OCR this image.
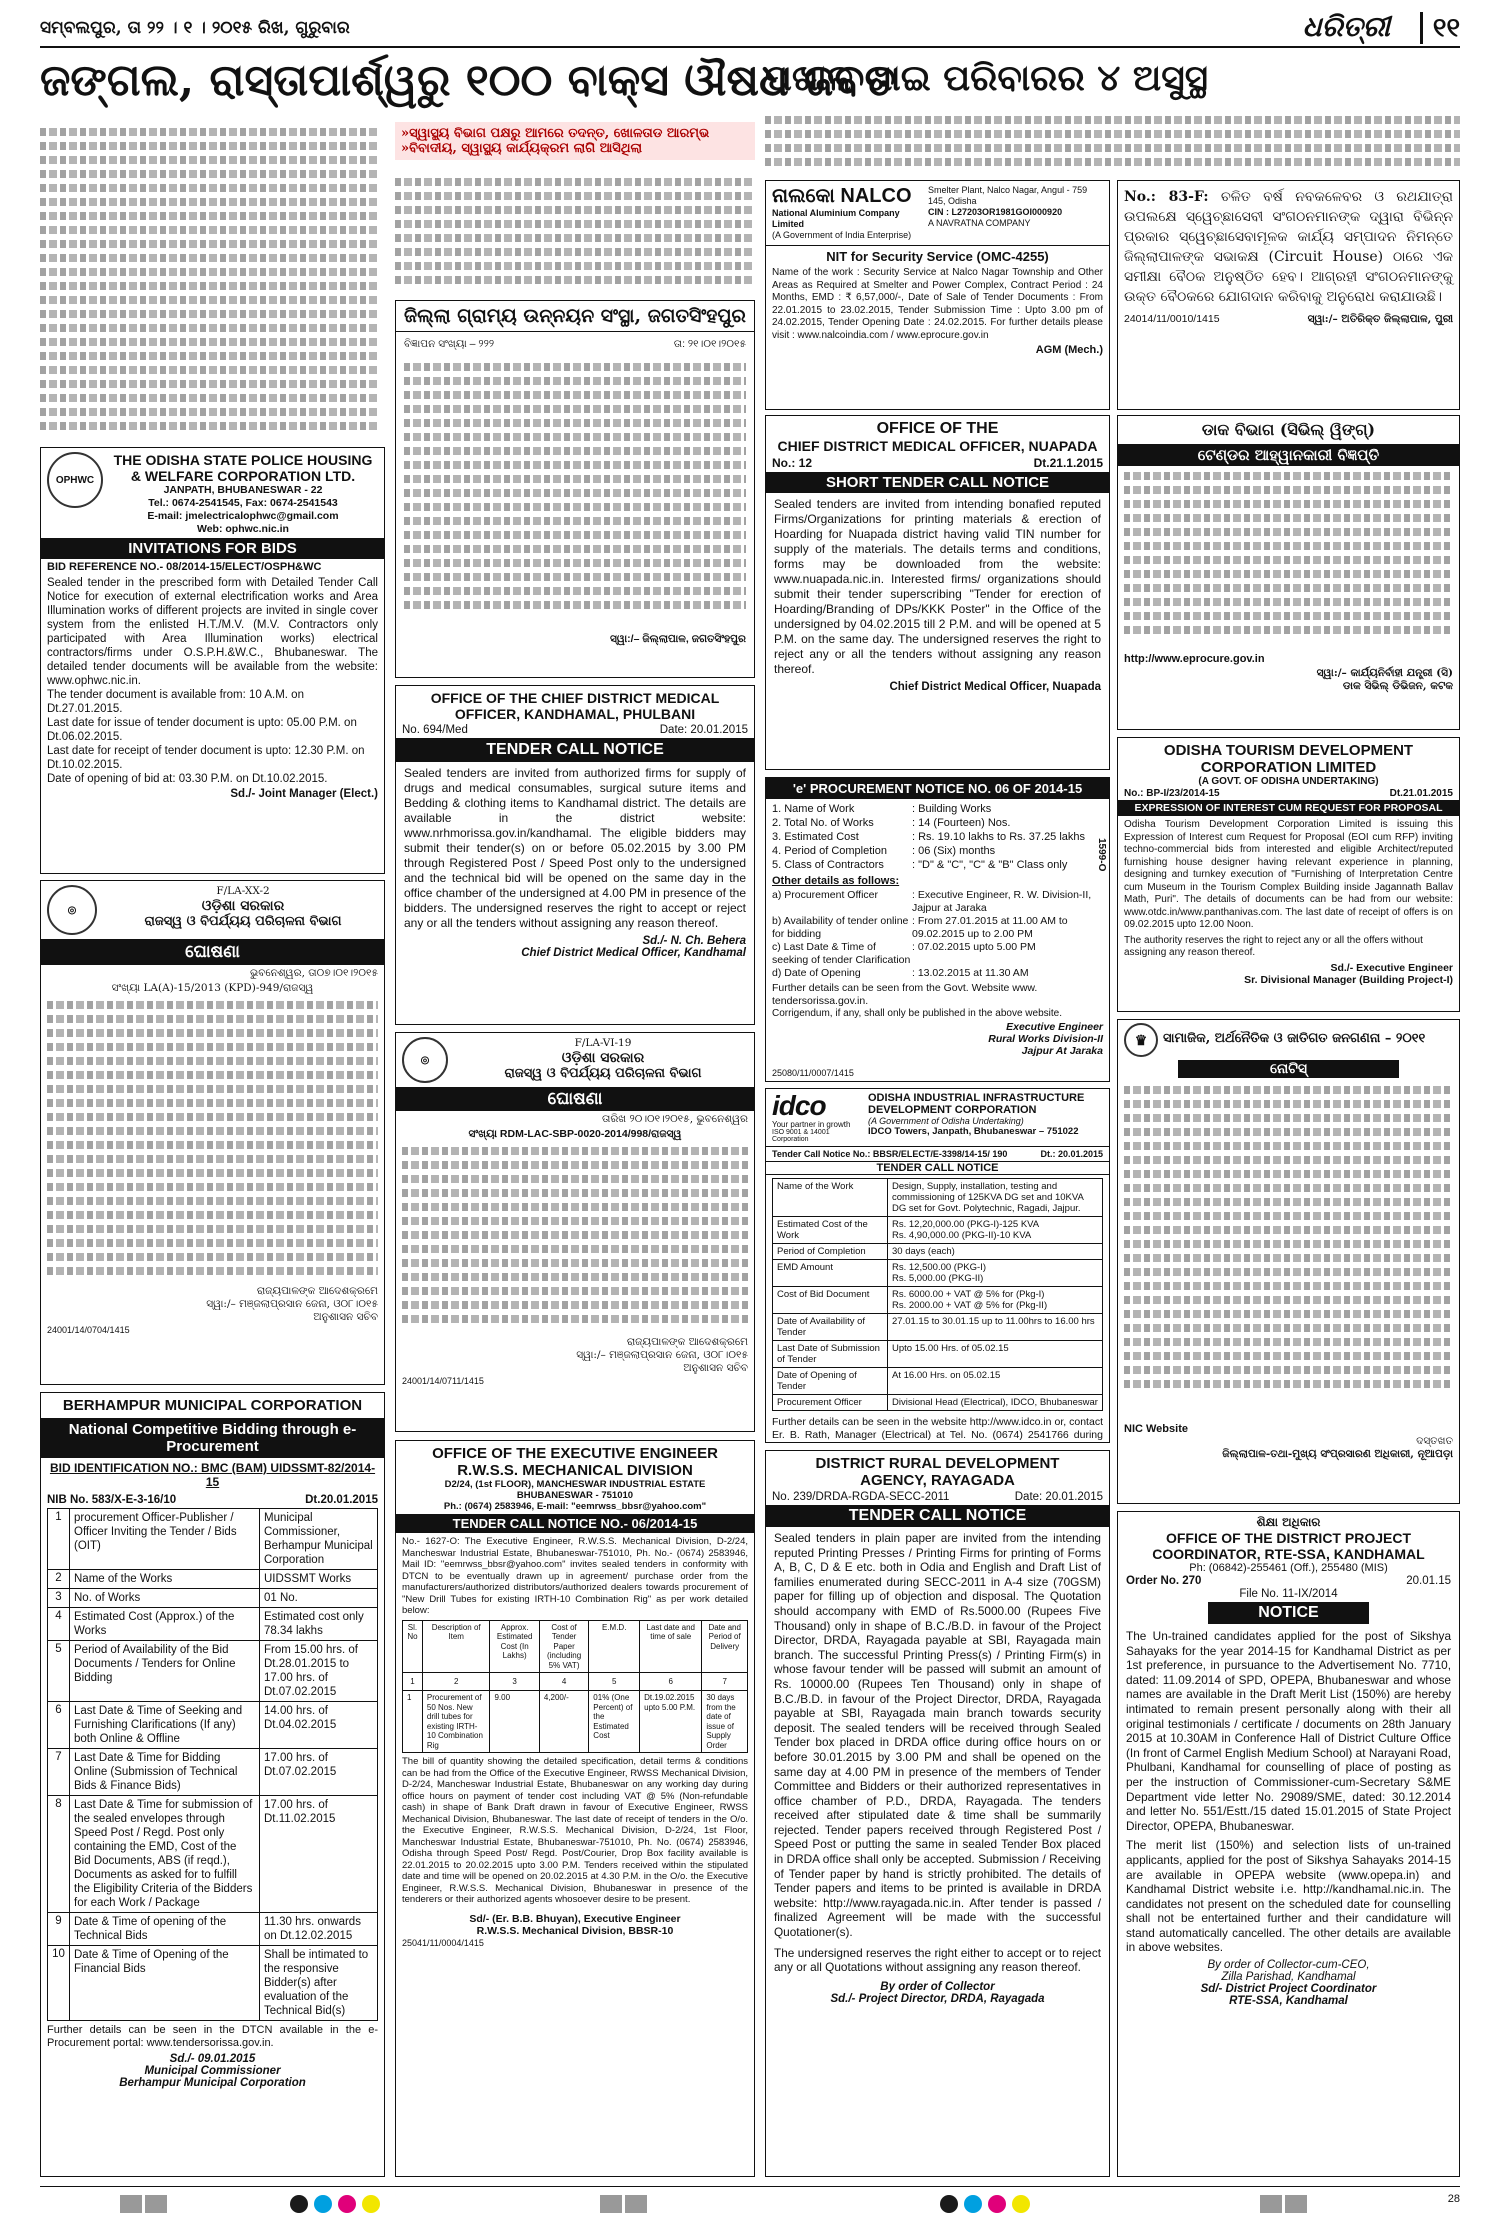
ସମ୍ବଲପୁର, ତା ୨୨ । ୧ । ୨୦୧୫ ରିଖ, ଗୁରୁବାର	ଧରିତ୍ରୀ	୧୧
ଜଙ୍ଗଲ, ରାସ୍ତାପାର୍ଶ୍ୱରୁ ୧୦୦ ବାକ୍ସ ଔଷଧ ଜବତ
»ସ୍ୱାସ୍ଥ୍ୟ ବିଭାଗ ପକ୍ଷରୁ ଆମରେ ତଦନ୍ତ, ଖୋଳତାଡ ଆରମ୍ଭ
»ବିବାଦୀୟ, ସ୍ୱାସ୍ଥ୍ୟ କାର୍ଯ୍ୟକ୍ରମ ଲାଗି ଆସିଥିଲା
ପଖାଳ ଖାଇ ପରିବାରର ୪ ଅସୁସ୍ଥ
ଜିଲ୍ଲା ଗ୍ରାମ୍ୟ ଉନ୍ନୟନ ସଂସ୍ଥା, ଜଗତସିଂହପୁର
ବିଜ୍ଞାପନ ସଂଖ୍ୟା – ୨୨୨	ତା: ୨୧।୦୧।୨୦୧୫
ସ୍ୱା:/– ଜିଲ୍ଲାପାଳ, ଜଗତସିଂହପୁର
ନାଲକୋ NALCO
National Aluminium Company Limited
(A Government of India Enterprise)
Smelter Plant, Nalco Nagar, Angul - 759 145, Odisha
CIN : L27203OR1981GOI000920
A NAVRATNA COMPANY
NIT for Security Service (OMC-4255)
Name of the work : Security Service at Nalco Nagar Township and Other Areas as Required at Smelter and Power Complex, Contract Period : 24 Months, EMD : ₹ 6,57,000/-, Date of Sale of Tender Documents : From 22.01.2015 to 23.02.2015, Tender Submission Time : Upto 3.00 pm of 24.02.2015, Tender Opening Date : 24.02.2015. For further details please visit : www.nalcoindia.com / www.eprocure.gov.in
AGM (Mech.)
No.: 83-F: ଚଳିତ ବର୍ଷ ନବକଳେବର ଓ ରଥଯାତ୍ରା ଉପଲକ୍ଷେ ସ୍ୱେଚ୍ଛାସେବୀ ସଂଗଠନମାନଙ୍କ ଦ୍ୱାରା ବିଭିନ୍ନ ପ୍ରକାର ସ୍ୱେଚ୍ଛାସେବାମୂଳକ କାର୍ଯ୍ୟ ସମ୍ପାଦନ ନିମନ୍ତେ ଜିଲ୍ଲାପାଳଙ୍କ ସଭାକକ୍ଷ (Circuit House) ଠାରେ ଏକ ସମୀକ୍ଷା ବୈଠକ ଅନୁଷ୍ଠିତ ହେବ। ଆଗ୍ରହୀ ସଂଗଠନମାନଙ୍କୁ ଉକ୍ତ ବୈଠକରେ ଯୋଗଦାନ କରିବାକୁ ଅନୁରୋଧ କରାଯାଉଛି।
24014/11/0010/1415	ସ୍ୱା:/– ଅତିରିକ୍ତ ଜିଲ୍ଲାପାଳ, ପୁରୀ
OPHWC
THE ODISHA STATE POLICE HOUSING
& WELFARE CORPORATION LTD.
JANPATH, BHUBANESWAR - 22
Tel.: 0674-2541545, Fax: 0674-2541543
E-mail: jmelectricalophwc@gmail.com
Web: ophwc.nic.in
INVITATIONS FOR BIDS
BID REFERENCE NO.- 08/2014-15/ELECT/OSPH&WC
Sealed tender in the prescribed form with Detailed Tender Call Notice for execution of external electrification works and Area Illumination works of different projects are invited in single cover system from the enlisted H.T./M.V. (M.V. Contractors only participated with Area Illumination works) electrical contractors/firms under O.S.P.H.&W.C., Bhubaneswar. The detailed tender documents will be available from the website: www.ophwc.nic.in.
The tender document is available from: 10 A.M. on Dt.27.01.2015.
Last date for issue of tender document is upto: 05.00 P.M. on Dt.06.02.2015.
Last date for receipt of tender document is upto: 12.30 P.M. on Dt.10.02.2015.
Date of opening of bid at: 03.30 P.M. on Dt.10.02.2015.
Sd./- Joint Manager (Elect.)
◎
F/LA-XX-2
ଓଡ଼ିଶା ସରକାର
ରାଜସ୍ୱ ଓ ବିପର୍ଯ୍ୟୟ ପରିଚାଳନା ବିଭାଗ
ଘୋଷଣା
ଭୁବନେଶ୍ୱର, ତା୦୭।୦୧।୨୦୧୫
ସଂଖ୍ୟା LA(A)-15/2013 (KPD)-949/ରାଜସ୍ୱ
ରାଜ୍ୟପାଳଙ୍କ ଆଦେଶକ୍ରମେ
ସ୍ୱା:/– ମଞ୍ଜଲାପ୍ରସାନ ଜେନା, ଓ୦୮।୦୧୫
ଅନୁଶାସନ ସଚିବ
24001/14/0704/1415
BERHAMPUR MUNICIPAL CORPORATION
National Competitive Bidding through e-Procurement
BID IDENTIFICATION NO.: BMC (BAM) UIDSSMT-82/2014-15
NIB No. 583/X-E-3-16/10	Dt.20.01.2015
1	procurement Officer-Publisher / Officer Inviting the Tender / Bids (OIT)	Municipal Commissioner, Berhampur Municipal Corporation
2	Name of the Works	UIDSSMT Works
3	No. of Works	01 No.
4	Estimated Cost (Approx.) of the Works	Estimated cost only 78.34 lakhs
5	Period of Availability of the Bid Documents / Tenders for Online Bidding	From 15.00 hrs. of Dt.28.01.2015 to 17.00 hrs. of Dt.07.02.2015
6	Last Date & Time of Seeking and Furnishing Clarifications (If any) both Online & Offline	14.00 hrs. of Dt.04.02.2015
7	Last Date & Time for Bidding Online (Submission of Technical Bids & Finance Bids)	17.00 hrs. of Dt.07.02.2015
8	Last Date & Time for submission of the sealed envelopes through Speed Post / Regd. Post only containing the EMD, Cost of the Bid Documents, ABS (if reqd.), Documents as asked for to fulfill the Eligibility Criteria of the Bidders for each Work / Package	17.00 hrs. of Dt.11.02.2015
9	Date & Time of opening of the Technical Bids	11.30 hrs. onwards on Dt.12.02.2015
10	Date & Time of Opening of the Financial Bids	Shall be intimated to the responsive Bidder(s) after evaluation of the Technical Bid(s)
Further details can be seen in the DTCN available in the e-Procurement portal: www.tendersorissa.gov.in.
Sd./- 09.01.2015
Municipal Commissioner
Berhampur Municipal Corporation
OFFICE OF THE CHIEF DISTRICT MEDICAL
OFFICER, KANDHAMAL, PHULBANI
No. 694/Med	Date: 20.01.2015
TENDER CALL NOTICE
Sealed tenders are invited from authorized firms for supply of drugs and medical consumables, surgical suture items and Bedding & clothing items to Kandhamal district. The details are available in the district website: www.nrhmorissa.gov.in/kandhamal. The eligible bidders may submit their tender(s) on or before 05.02.2015 by 3.00 PM through Registered Post / Speed Post only to the undersigned and the technical bid will be opened on the same day in the office chamber of the undersigned at 4.00 PM in presence of the bidders. The undersigned reserves the right to accept or reject any or all the tenders without assigning any reason thereof.
Sd./- N. Ch. Behera
Chief District Medical Officer, Kandhamal
◎
F/LA-VI-19
ଓଡ଼ିଶା ସରକାର
ରାଜସ୍ୱ ଓ ବିପର୍ଯ୍ୟୟ ପରିଚାଳନା ବିଭାଗ
ଘୋଷଣା
ତାରିଖ ୨୦।୦୧।୨୦୧୫, ଭୁବନେଶ୍ୱର
ସଂଖ୍ୟା RDM-LAC-SBP-0020-2014/998/ରାଜସ୍ୱ
ରାଜ୍ୟପାଳଙ୍କ ଆଦେଶକ୍ରମେ
ସ୍ୱା:/– ମଞ୍ଜଲାପ୍ରସାନ ଜେନା, ଓ୦୮।୦୧୫
ଅନୁଶାସନ ସଚିବ
24001/14/0711/1415
OFFICE OF THE EXECUTIVE ENGINEER
R.W.S.S. MECHANICAL DIVISION
D2/24, (1st FLOOR), MANCHESWAR INDUSTRIAL ESTATE
BHUBANESWAR - 751010
Ph.: (0674) 2583946, E-mail: "eemrwss_bbsr@yahoo.com"
TENDER CALL NOTICE NO.- 06/2014-15
No.- 1627-O: The Executive Engineer, R.W.S.S. Mechanical Division, D-2/24, Mancheswar Industrial Estate, Bhubaneswar-751010, Ph. No.- (0674) 2583946, Mail ID: "eemrwss_bbsr@yahoo.com" invites sealed tenders in conformity with DTCN to be eventually drawn up in agreement/ purchase order from the manufacturers/authorized distributors/authorized dealers towards procurement of "New Drill Tubes for existing IRTH-10 Combination Rig" as per work detailed below:
Sl. No	Description of Item	Approx. Estimated Cost (In Lakhs)	Cost of Tender Paper (including 5% VAT)	E.M.D.	Last date and time of sale	Date and Period of Delivery
1	2	3	4	5	6	7
1	Procurement of 50 Nos. New drill tubes for existing IRTH-10 Combination Rig	9.00	4,200/-	01% (One Percent) of the Estimated Cost	Dt.19.02.2015 upto 5.00 P.M.	30 days from the date of issue of Supply Order
The bill of quantity showing the detailed specification, detail terms & conditions can be had from the Office of the Executive Engineer, RWSS Mechanical Division, D-2/24, Mancheswar Industrial Estate, Bhubaneswar on any working day during office hours on payment of tender cost including VAT @ 5% (Non-refundable cash) in shape of Bank Draft drawn in favour of Executive Engineer, RWSS Mechanical Division, Bhubaneswar. The last date of receipt of tenders in the O/o. the Executive Engineer, R.W.S.S. Mechanical Division, D-2/24, 1st Floor, Mancheswar Industrial Estate, Bhubaneswar-751010, Ph. No. (0674) 2583946, Odisha through Speed Post/ Regd. Post/Courier, Drop Box facility available is 22.01.2015 to 20.02.2015 upto 3.00 P.M. Tenders received within the stipulated date and time will be opened on 20.02.2015 at 4.30 P.M. in the O/o. the Executive Engineer, R.W.S.S. Mechanical Division, Bhubaneswar in presence of the tenderers or their authorized agents whosoever desire to be present.
Sd/- (Er. B.B. Bhuyan), Executive Engineer
R.W.S.S. Mechanical Division, BBSR-10
25041/11/0004/1415
OFFICE OF THE
CHIEF DISTRICT MEDICAL OFFICER, NUAPADA
No.: 12	Dt.21.1.2015
SHORT TENDER CALL NOTICE
Sealed tenders are invited from intending bonafied reputed Firms/Organizations for printing materials & erection of Hoarding for Nuapada district having valid TIN number for supply of the materials. The details terms and conditions, forms may be downloaded from the website: www.nuapada.nic.in. Interested firms/ organizations should submit their tender superscribing "Tender for erection of Hoarding/Branding of DPs/KKK Poster" in the Office of the undersigned by 04.02.2015 till 2 P.M. and will be opened at 5 P.M. on the same day. The undersigned reserves the right to reject any or all the tenders without assigning any reason thereof.
Chief District Medical Officer, Nuapada
'e' PROCUREMENT NOTICE NO. 06 OF 2014-15
1599-O
1. Name of Work	: Building Works
2. Total No. of Works	: 14 (Fourteen) Nos.
3. Estimated Cost	: Rs. 19.10 lakhs to Rs. 37.25 lakhs
4. Period of Completion	: 06 (Six) months
5. Class of Contractors	: "D" & "C", "C" & "B" Class only
Other details as follows:
a) Procurement Officer	: Executive Engineer, R. W. Division-II, Jajpur at Jaraka
b) Availability of tender online for bidding
: From 27.01.2015 at 11.00 AM to 09.02.2015 up to 2.00 PM
c) Last Date & Time of seeking of tender Clarification
: 07.02.2015 upto 5.00 PM
d) Date of Opening	: 13.02.2015 at 11.30 AM
Further details can be seen from the Govt. Website www. tendersorissa.gov.in.
Corrigendum, if any, shall only be published in the above website.
Executive Engineer
Rural Works Division-II
Jajpur At Jaraka
25080/11/0007/1415
idco
Your partner in growth
ISO 9001 & 14001 Corporation
ODISHA INDUSTRIAL INFRASTRUCTURE
DEVELOPMENT CORPORATION
(A Government of Odisha Undertaking)
IDCO Towers, Janpath, Bhubaneswar – 751022
Tender Call Notice No.: BBSR/ELECT/E-3398/14-15/ 190	Dt.: 20.01.2015
TENDER CALL NOTICE
Name of the Work	Design, Supply, installation, testing and commissioning of 125KVA DG set and 10KVA DG set for Govt. Polytechnic, Ragadi, Jajpur.
Estimated Cost of the Work	Rs. 12,20,000.00 (PKG-I)-125 KVA
Rs. 4,90,000.00 (PKG-II)-10 KVA
Period of Completion	30 days (each)
EMD Amount	Rs. 12,500.00 (PKG-I)
Rs. 5,000.00 (PKG-II)
Cost of Bid Document	Rs. 6000.00 + VAT @ 5% for (Pkg-I)
Rs. 2000.00 + VAT @ 5% for (Pkg-II)
Date of Availability of Tender	27.01.15 to 30.01.15 up to 11.00hrs to 16.00 hrs
Last Date of Submission of Tender	Upto 15.00 Hrs. of 05.02.15
Date of Opening of Tender	At 16.00 Hrs. on 05.02.15
Procurement Officer	Divisional Head (Electrical), IDCO, Bhubaneswar
Further details can be seen in the website http://www.idco.in or, contact Er. B. Rath, Manager (Electrical) at Tel. No. (0674) 2541766 during
DISTRICT RURAL DEVELOPMENT
AGENCY, RAYAGADA
No. 239/DRDA-RGDA-SECC-2011	Date: 20.01.2015
TENDER CALL NOTICE
Sealed tenders in plain paper are invited from the intending reputed Printing Presses / Printing Firms for printing of Forms A, B, C, D & E etc. both in Odia and English and Draft List of families enumerated during SECC-2011 in A-4 size (70GSM) paper for filling up of objection and disposal. The Quotation should accompany with EMD of Rs.5000.00 (Rupees Five Thousand) only in shape of B.C./B.D. in favour of the Project Director, DRDA, Rayagada payable at SBI, Rayagada main branch. The successful Printing Press(s) / Printing Firm(s) in whose favour tender will be passed will submit an amount of Rs. 10000.00 (Rupees Ten Thousand) only in shape of B.C./B.D. in favour of the Project Director, DRDA, Rayagada payable at SBI, Rayagada main branch towards security deposit. The sealed tenders will be received through Sealed Tender box placed in DRDA office during office hours on or before 30.01.2015 by 3.00 PM and shall be opened on the same day at 4.00 PM in presence of the members of Tender Committee and Bidders or their authorized representatives in office chamber of P.D., DRDA, Rayagada. The tenders received after stipulated date & time shall be summarily rejected. Tender papers received through Registered Post / Speed Post or putting the same in sealed Tender Box placed in DRDA office shall only be accepted. Submission / Receiving of Tender paper by hand is strictly prohibited. The details of Tender papers and items to be printed is available in DRDA website: http://www.rayagada.nic.in. After tender is passed / finalized Agreement will be made with the successful Quotationer(s).
The undersigned reserves the right either to accept or to reject any or all Quotations without assigning any reason thereof.
By order of Collector
Sd./- Project Director, DRDA, Rayagada
ଡାକ ବିଭାଗ (ସିଭିଲ୍ ୱିଙ୍ଗ୍)
ଟେଣ୍ଡର ଆହ୍ୱାନକାରୀ ବିଜ୍ଞପ୍ତି
http://www.eprocure.gov.in
ସ୍ୱା:/– କାର୍ଯ୍ୟନିର୍ବାହୀ ଯନ୍ତ୍ରୀ (ସି)
ଡାକ ସିଭିଲ୍ ଡିଭିଜନ, କଟକ
ODISHA TOURISM DEVELOPMENT
CORPORATION LIMITED
(A GOVT. OF ODISHA UNDERTAKING)
No.: BP-I/23/2014-15	Dt.21.01.2015
EXPRESSION OF INTEREST CUM REQUEST FOR PROPOSAL
Odisha Tourism Development Corporation Limited is issuing this Expression of Interest cum Request for Proposal (EOI cum RFP) inviting techno-commercial bids from interested and eligible Architect/reputed furnishing house designer having relevant experience in planning, designing and turnkey execution of "Furnishing of Interpretation Centre cum Museum in the Tourism Complex Building inside Jagannath Ballav Math, Puri". The details of documents can be had from our website: www.otdc.in/www.panthanivas.com. The last date of receipt of offers is on 09.02.2015 upto 12.00 Noon.
The authority reserves the right to reject any or all the offers without assigning any reason thereof.
Sd./- Executive Engineer
Sr. Divisional Manager (Building Project-I)
♛	ସାମାଜିକ, ଅର୍ଥନୈତିକ ଓ ଜାତିଗତ ଜନଗଣନା – ୨୦୧୧
ନୋଟିସ୍
NIC Website
ଦସ୍ତଖତ
ଜିଲ୍ଲାପାଳ-ତଥା-ମୁଖ୍ୟ ସଂପ୍ରସାରଣ ଅଧିକାରୀ, ନୂଆପଡ଼ା
ଶିକ୍ଷା ଅଧିକାର
OFFICE OF THE DISTRICT PROJECT
COORDINATOR, RTE-SSA, KANDHAMAL
Ph: (06842)-255461 (Off.), 255480 (MIS)
Order No. 270	20.01.15
File No. 11-IX/2014
NOTICE
The Un-trained candidates applied for the post of Sikshya Sahayaks for the year 2014-15 for Kandhamal District as per 1st preference, in pursuance to the Advertisement No. 7710, dated: 11.09.2014 of SPD, OPEPA, Bhubaneswar and whose names are available in the Draft Merit List (150%) are hereby intimated to remain present personally along with their all original testimonials / certificate / documents on 28th January 2015 at 10.30AM in Conference Hall of District Culture Office (In front of Carmel English Medium School) at Narayani Road, Phulbani, Kandhamal for counselling of place of posting as per the instruction of Commissioner-cum-Secretary S&ME Department vide letter No. 29089/SME, dated: 30.12.2014 and letter No. 551/Estt./15 dated 15.01.2015 of State Project Director, OPEPA, Bhubaneswar.
The merit list (150%) and selection lists of un-trained applicants, applied for the post of Sikshya Sahayaks 2014-15 are available in OPEPA website (www.opepa.in) and Kandhamal District website i.e. http://kandhamal.nic.in. The candidates not present on the scheduled date for counselling shall not be entertained further and their candidature will stand automatically cancelled. The other details are available in above websites.
By order of Collector-cum-CEO,
Zilla Parishad, Kandhamal
Sd/- District Project Coordinator
RTE-SSA, Kandhamal
28
